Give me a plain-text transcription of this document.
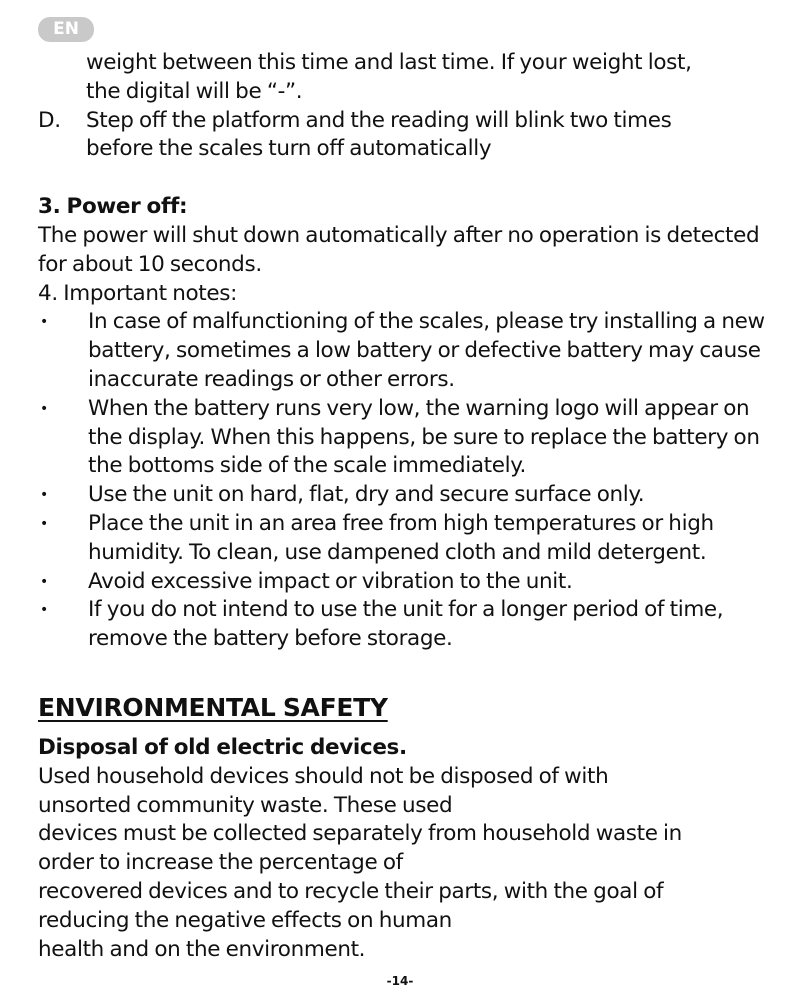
EN
weight between this time and last time. If your weight lost,
the digital will be “-”.
D.	Step off the platform and the reading will blink two times
before the scales turn off automatically
3. Power off:
The power will shut down automatically after no operation is detected for about 10 seconds.
4. Important notes:
•	In case of malfunctioning of the scales, please try installing a new battery, sometimes a low battery or defective battery may cause inaccurate readings or other errors.
•	When the battery runs very low, the warning logo will appear on the display. When this happens, be sure to replace the battery on the bottoms side of the scale immediately.
•	Use the unit on hard, flat, dry and secure surface only.
•	Place the unit in an area free from high temperatures or high humidity. To clean, use dampened cloth and mild detergent.
•	Avoid excessive impact or vibration to the unit.
•	If you do not intend to use the unit for a longer period of time, remove the battery before storage.
ENVIRONMENTAL SAFETY
Disposal of old electric devices.
Used household devices should not be disposed of with
unsorted community waste. These used
devices must be collected separately from household waste in
order to increase the percentage of
recovered devices and to recycle their parts, with the goal of
reducing the negative effects on human
health and on the environment.
-14-
